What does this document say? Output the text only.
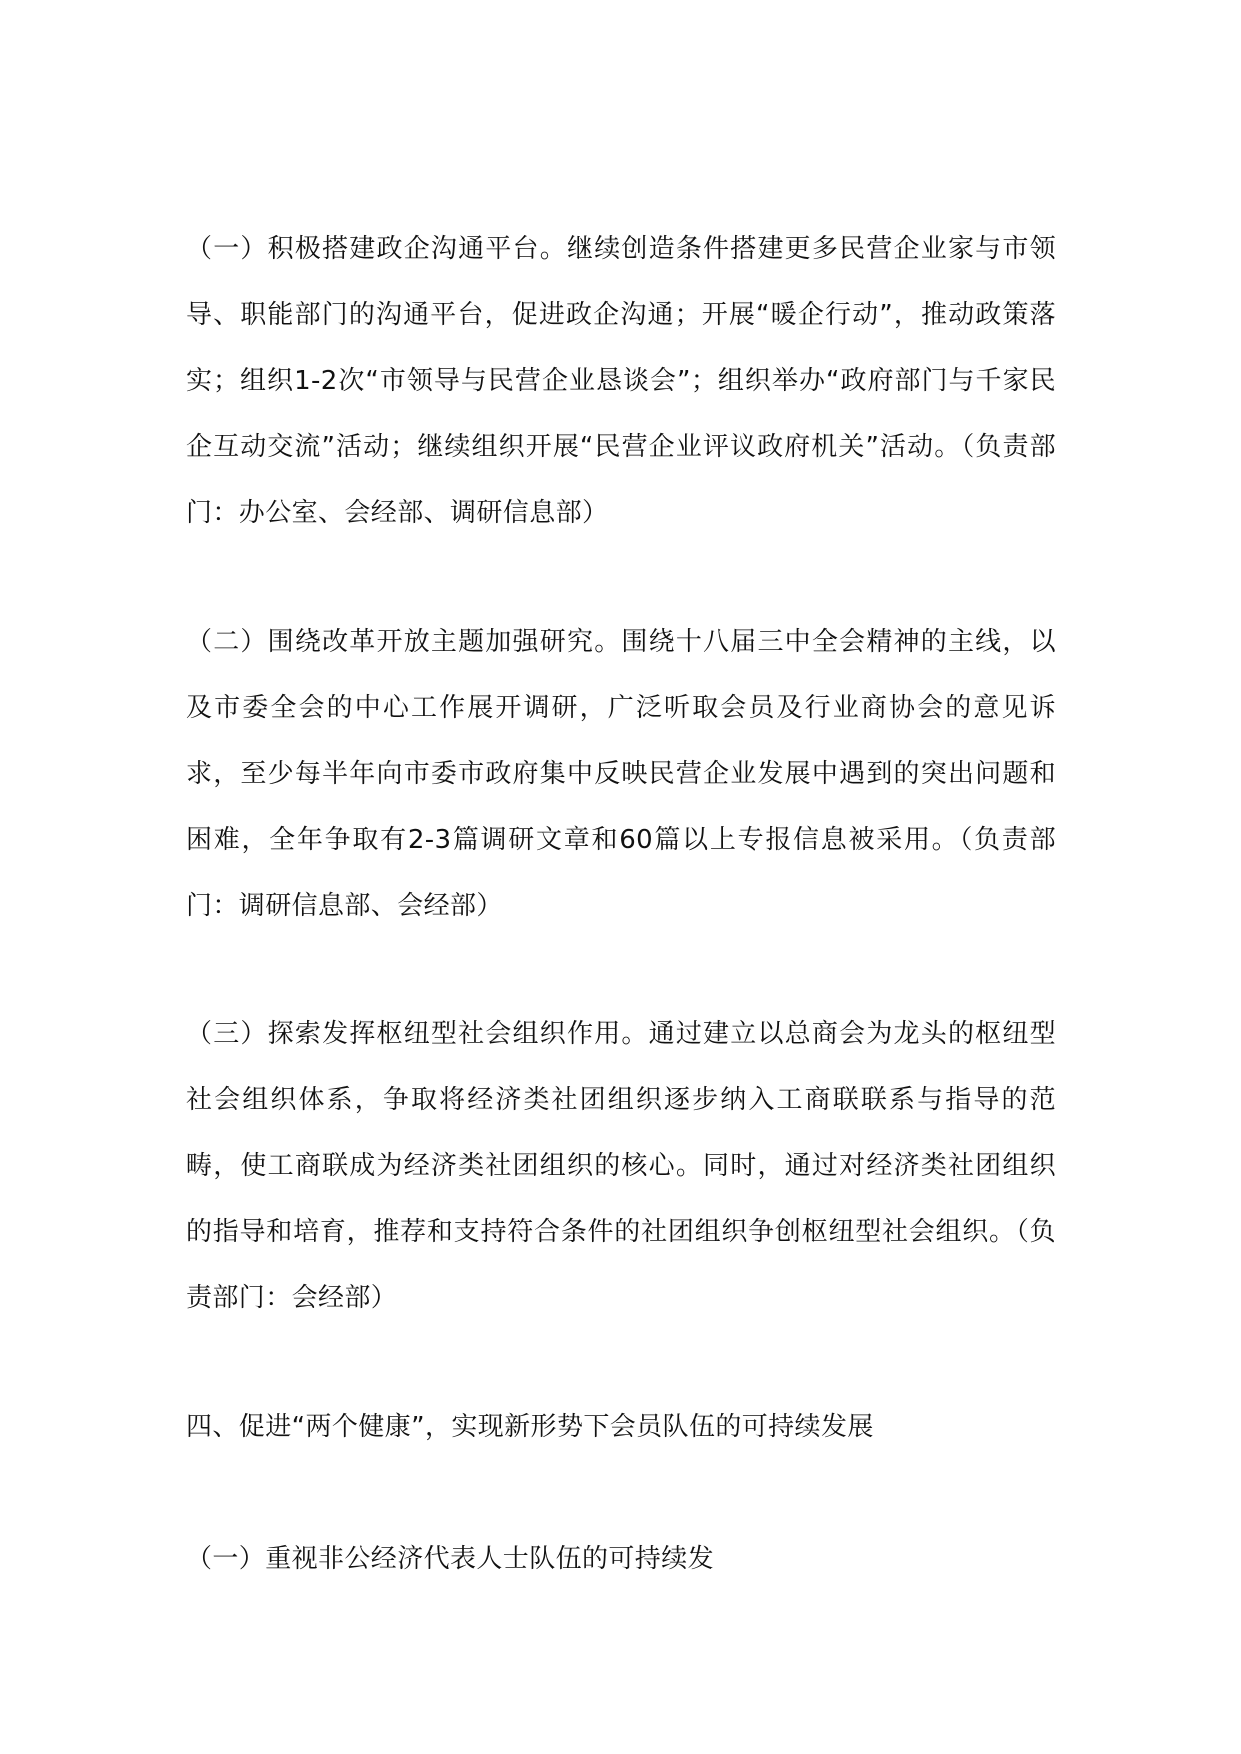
（一）积极搭建政企沟通平台。继续创造条件搭建更多民营企业家与市领导、职能部门的沟通平台，促进政企沟通；开展“暖企行动”，推动政策落实；组织1-2次“市领导与民营企业恳谈会”；组织举办“政府部门与千家民企互动交流”活动；继续组织开展“民营企业评议政府机关”活动。（负责部门：办公室、会经部、调研信息部）

（二）围绕改革开放主题加强研究。围绕十八届三中全会精神的主线，以及市委全会的中心工作展开调研，广泛听取会员及行业商协会的意见诉求，至少每半年向市委市政府集中反映民营企业发展中遇到的突出问题和困难，全年争取有2-3篇调研文章和60篇以上专报信息被采用。（负责部门：调研信息部、会经部）

（三）探索发挥枢纽型社会组织作用。通过建立以总商会为龙头的枢纽型社会组织体系，争取将经济类社团组织逐步纳入工商联联系与指导的范畴，使工商联成为经济类社团组织的核心。同时，通过对经济类社团组织的指导和培育，推荐和支持符合条件的社团组织争创枢纽型社会组织。（负责部门：会经部）

四、促进“两个健康”，实现新形势下会员队伍的可持续发展

（一）重视非公经济代表人士队伍的可持续发
